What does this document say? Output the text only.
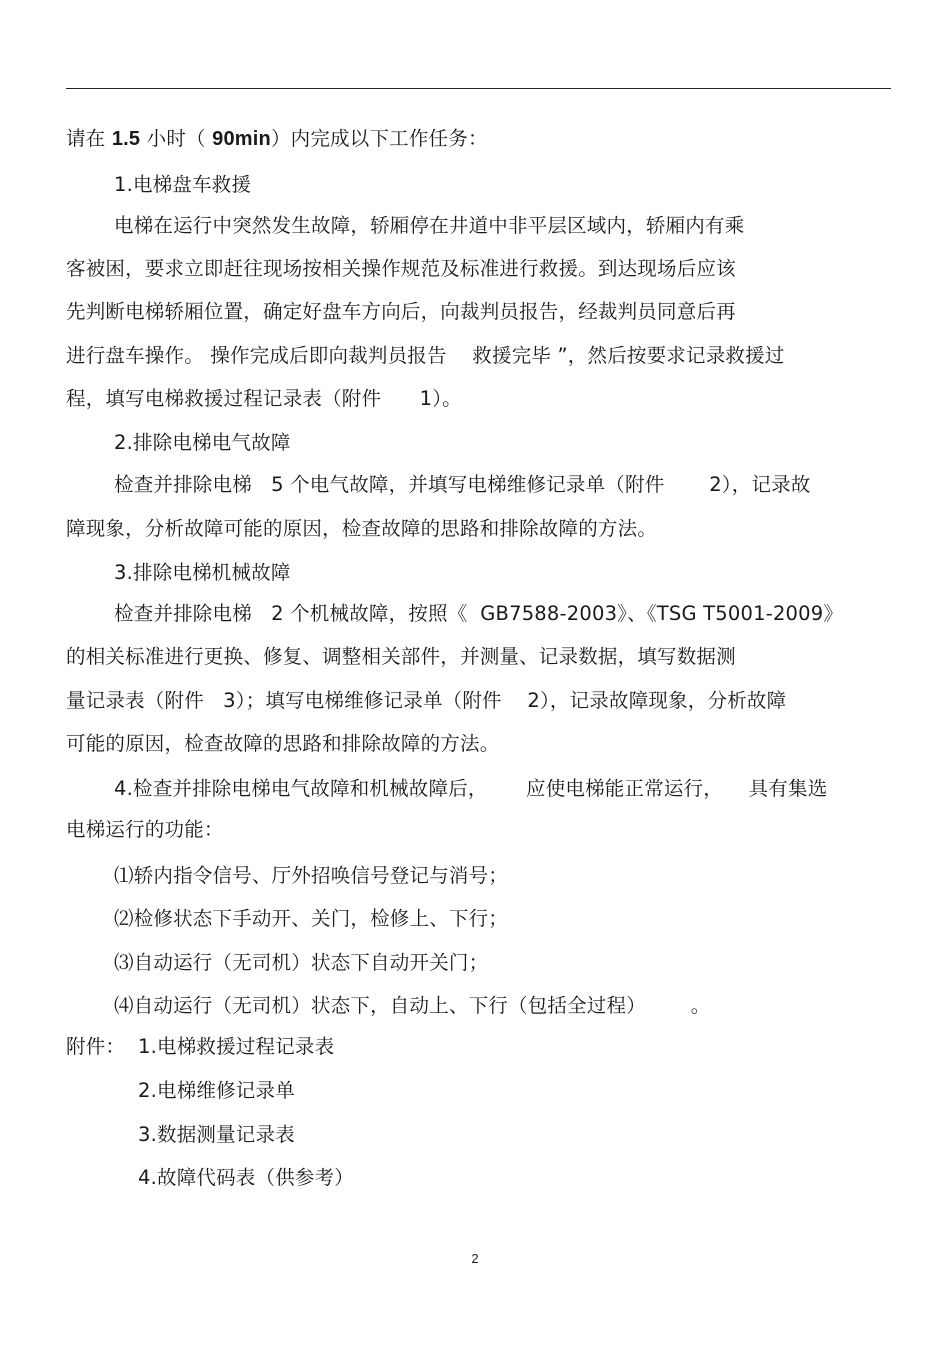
请在 1.5 小时（ 90min）内完成以下工作任务：
1.电梯盘车救援
电梯在运行中突然发生故障，轿厢停在井道中非平层区域内，轿厢内有乘
客被困，要求立即赶往现场按相关操作规范及标准进行救援。到达现场后应该
先判断电梯轿厢位置，确定好盘车方向后，向裁判员报告，经裁判员同意后再
进行盘车操作。 操作完成后即向裁判员报告    救援完毕 ”，然后按要求记录救援过
程，填写电梯救援过程记录表（附件      1）。
2.排除电梯电气故障
检查并排除电梯   5 个电气故障，并填写电梯维修记录单（附件       2），记录故
障现象，分析故障可能的原因，检查故障的思路和排除故障的方法。
3.排除电梯机械故障
检查并排除电梯   2 个机械故障，按照《  GB7588-2003》、《TSG T5001-2009》
的相关标准进行更换、修复、调整相关部件，并测量、记录数据，填写数据测
量记录表（附件   3）；填写电梯维修记录单（附件    2），记录故障现象，分析故障
可能的原因，检查故障的思路和排除故障的方法。
4.检查并排除电梯电气故障和机械故障后，      应使电梯能正常运行，    具有集选
电梯运行的功能：
⑴轿内指令信号、厅外招唤信号登记与消号；
⑵检修状态下手动开、关门，检修上、下行；
⑶自动运行（无司机）状态下自动开关门；
⑷自动运行（无司机）状态下，自动上、下行（包括全过程）       。
附件： 1.电梯救援过程记录表
2.电梯维修记录单
3.数据测量记录表
4.故障代码表（供参考）
2
